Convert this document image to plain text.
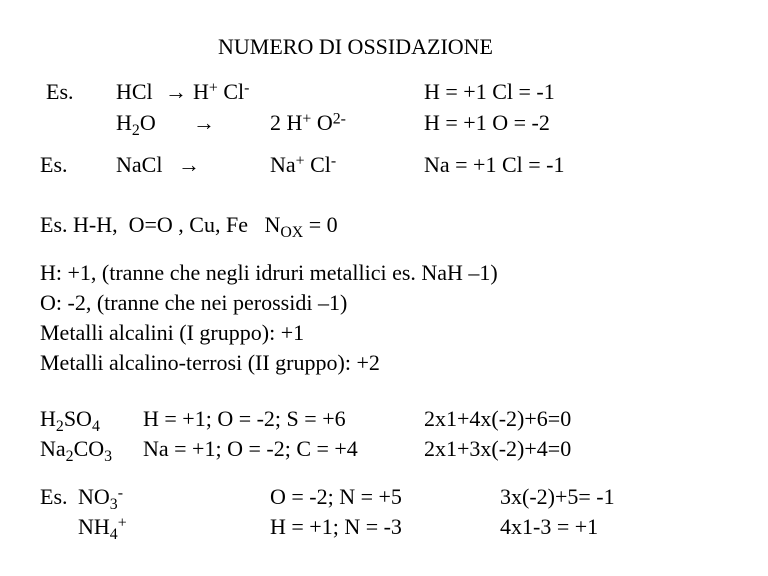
NUMERO DI OSSIDAZIONE
Es. HCl → H+ Cl-	H = +1 Cl = -1
$H_2O$ →	2 H+ $O^{2-}$	H = +1 O = -2
Es. NaCl →	Na+ Cl-	Na = +1 Cl = -1
Es. H-H,  O=O , Cu, Fe   $N_{OX} = 0$
H: +1, (tranne che negli idruri metallici es. NaH –1)
O: -2, (tranne che nei perossidi –1)
Metalli alcalini (I gruppo): +1
Metalli alcalino-terrosi (II gruppo): +2
$H_2SO_4$ H = +1; O = -2; S = +6	2x1+4x(-2)+6=0
$Na_2CO_3$ Na = +1; O = -2; C = +4	2x1+3x(-2)+4=0
Es. $NO_3^-$	O = -2; N = +5	3x(-2)+5= -1
$NH_4^+$	H = +1; N = -3	4x1-3 = +1
